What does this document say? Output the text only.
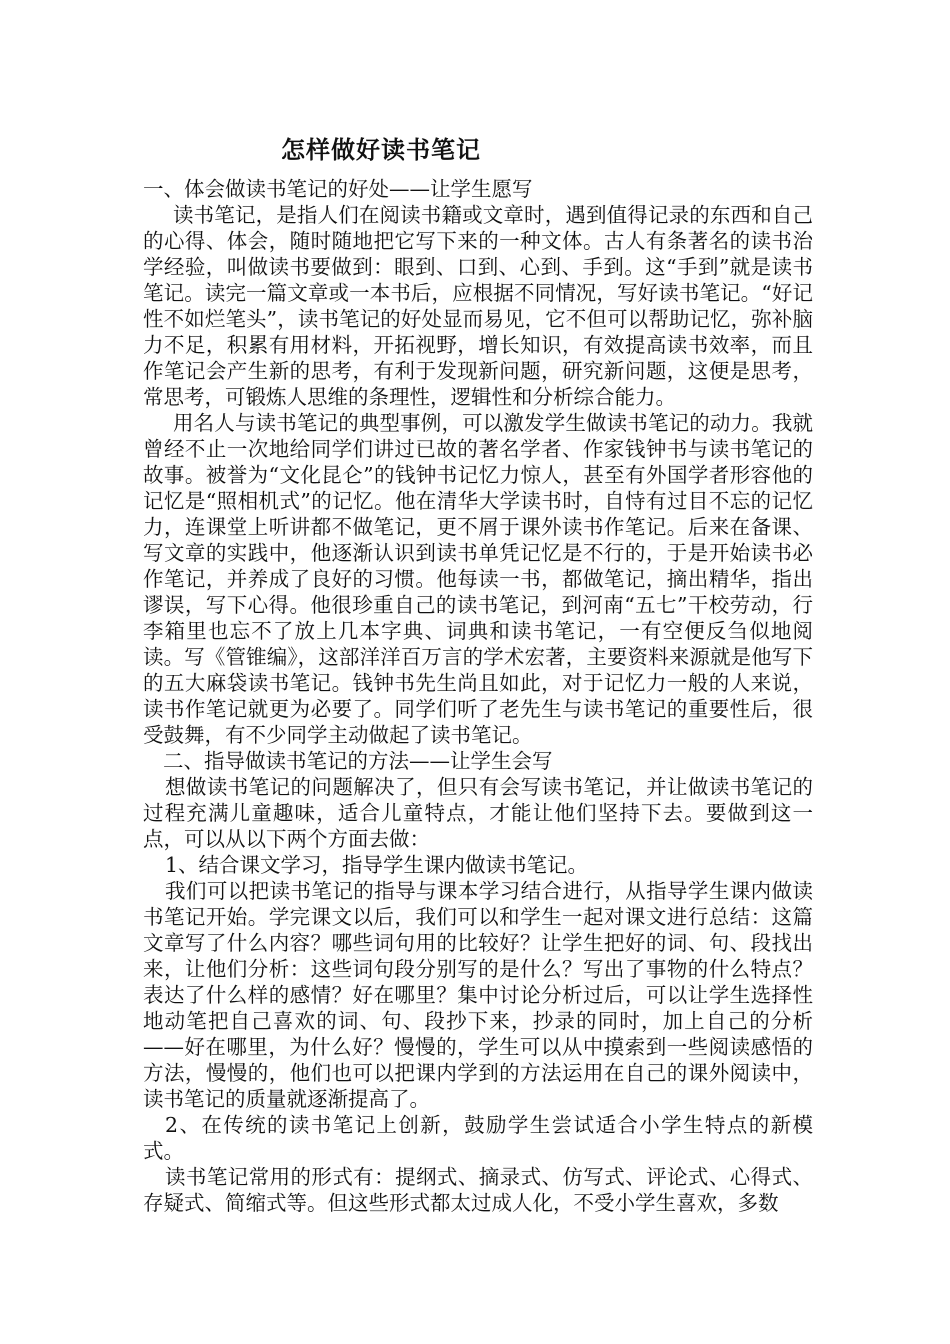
怎样做好读书笔记

一、体会做读书笔记的好处——让学生愿写

读书笔记，是指人们在阅读书籍或文章时，遇到值得记录的东西和自己的心得、体会，随时随地把它写下来的一种文体。古人有条著名的读书治学经验，叫做读书要做到：眼到、口到、心到、手到。这“手到”就是读书笔记。读完一篇文章或一本书后，应根据不同情况，写好读书笔记。“好记性不如烂笔头”，读书笔记的好处显而易见，它不但可以帮助记忆，弥补脑力不足，积累有用材料，开拓视野，增长知识，有效提高读书效率，而且作笔记会产生新的思考，有利于发现新问题，研究新问题，这便是思考，常思考，可锻炼人思维的条理性，逻辑性和分析综合能力。

用名人与读书笔记的典型事例，可以激发学生做读书笔记的动力。我就曾经不止一次地给同学们讲过已故的著名学者、作家钱钟书与读书笔记的故事。被誉为“文化昆仑”的钱钟书记忆力惊人，甚至有外国学者形容他的记忆是“照相机式”的记忆。他在清华大学读书时，自恃有过目不忘的记忆力，连课堂上听讲都不做笔记，更不屑于课外读书作笔记。后来在备课、写文章的实践中，他逐渐认识到读书单凭记忆是不行的，于是开始读书必作笔记，并养成了良好的习惯。他每读一书，都做笔记，摘出精华，指出谬误，写下心得。他很珍重自己的读书笔记，到河南“五七”干校劳动，行李箱里也忘不了放上几本字典、词典和读书笔记，一有空便反刍似地阅读。写《管锥编》，这部洋洋百万言的学术宏著，主要资料来源就是他写下的五大麻袋读书笔记。钱钟书先生尚且如此，对于记忆力一般的人来说，读书作笔记就更为必要了。同学们听了老先生与读书笔记的重要性后，很受鼓舞，有不少同学主动做起了读书笔记。

二、指导做读书笔记的方法——让学生会写

想做读书笔记的问题解决了，但只有会写读书笔记，并让做读书笔记的过程充满儿童趣味，适合儿童特点，才能让他们坚持下去。要做到这一点，可以从以下两个方面去做：

1、结合课文学习，指导学生课内做读书笔记。

我们可以把读书笔记的指导与课本学习结合进行，从指导学生课内做读书笔记开始。学完课文以后，我们可以和学生一起对课文进行总结：这篇文章写了什么内容？哪些词句用的比较好？让学生把好的词、句、段找出来，让他们分析：这些词句段分别写的是什么？写出了事物的什么特点？表达了什么样的感情？好在哪里？集中讨论分析过后，可以让学生选择性地动笔把自己喜欢的词、句、段抄下来，抄录的同时，加上自己的分析——好在哪里，为什么好？慢慢的，学生可以从中摸索到一些阅读感悟的方法，慢慢的，他们也可以把课内学到的方法运用在自己的课外阅读中，读书笔记的质量就逐渐提高了。

2、在传统的读书笔记上创新，鼓励学生尝试适合小学生特点的新模式。

读书笔记常用的形式有：提纲式、摘录式、仿写式、评论式、心得式、存疑式、简缩式等。但这些形式都太过成人化，不受小学生喜欢，多数
